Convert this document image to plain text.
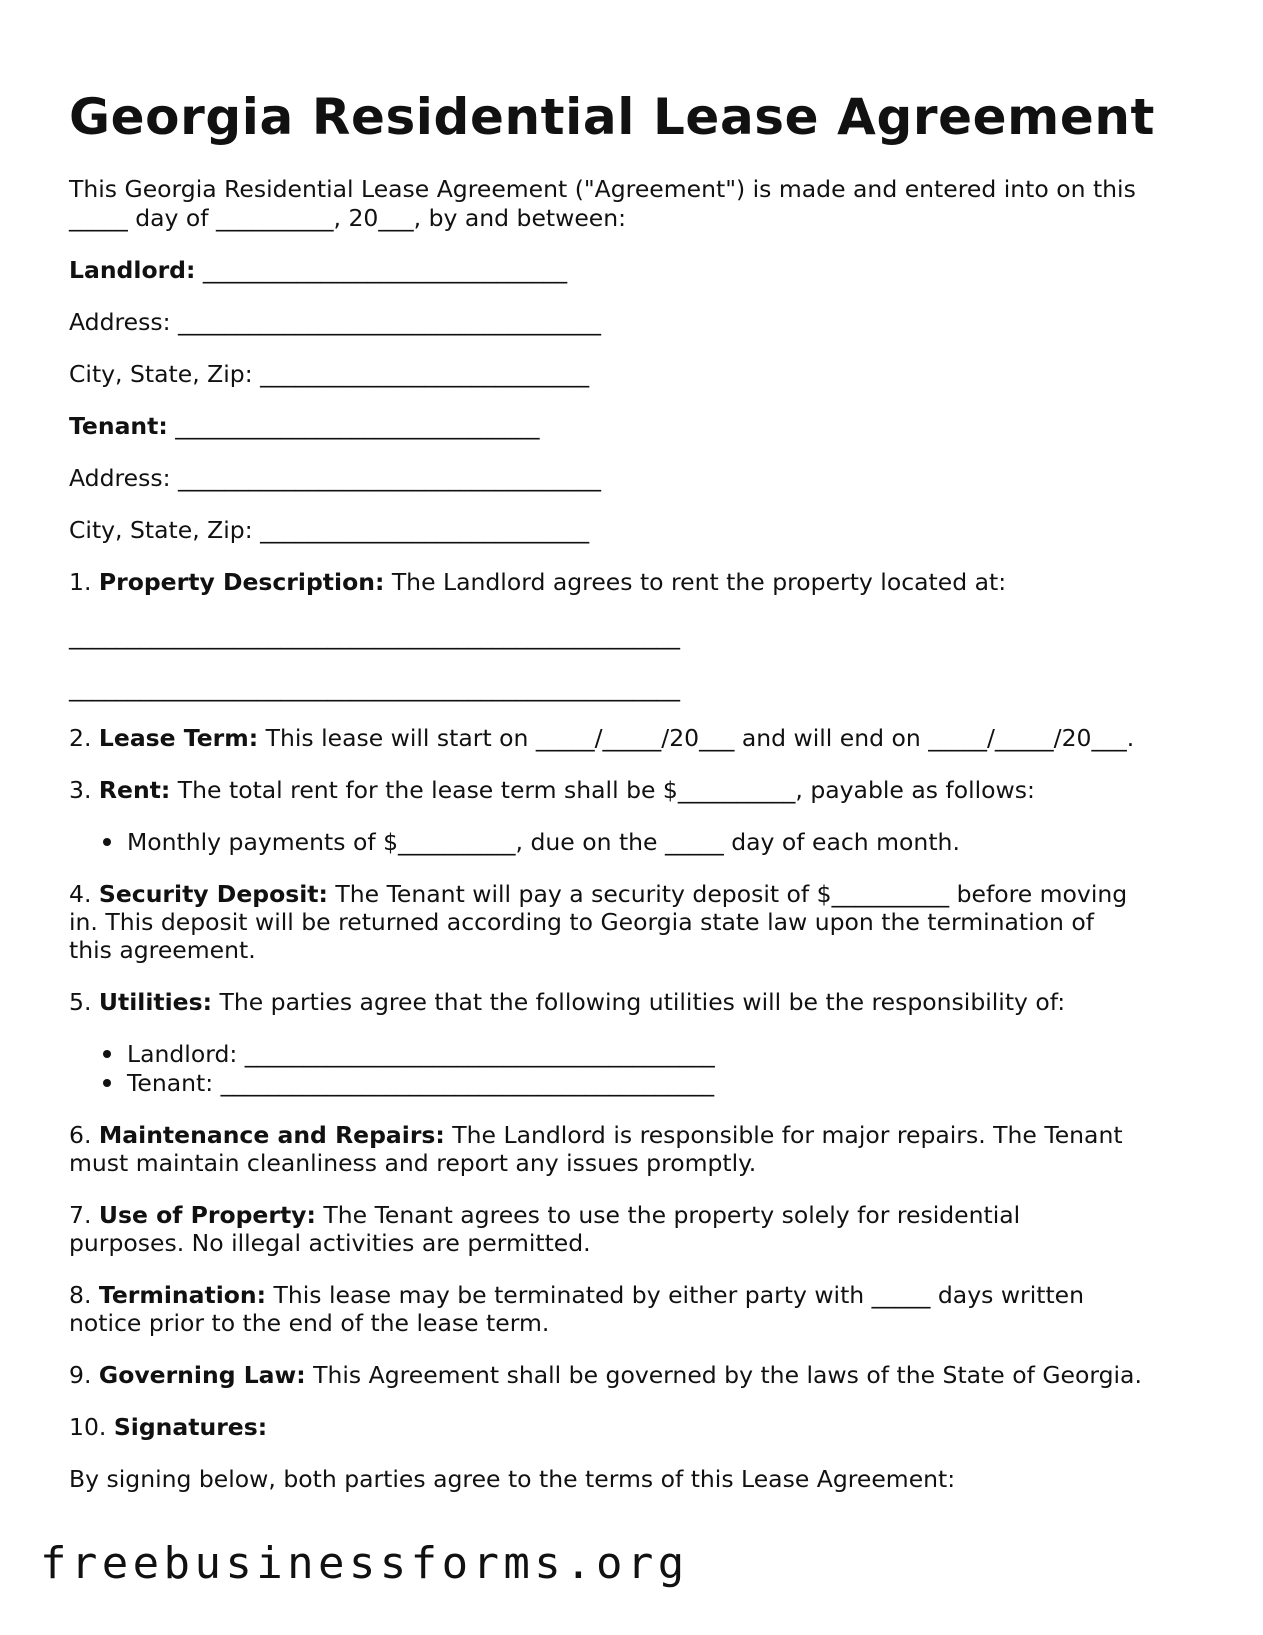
Georgia Residential Lease Agreement
This Georgia Residential Lease Agreement ("Agreement") is made and entered into on this
_____ day of __________, 20___, by and between:
Landlord: _______________________________
Address: ____________________________________
City, State, Zip: ____________________________
Tenant: _______________________________
Address: ____________________________________
City, State, Zip: ____________________________
1. Property Description: The Landlord agrees to rent the property located at:
____________________________________________________
____________________________________________________
2. Lease Term: This lease will start on _____/_____/20___ and will end on _____/_____/20___.
3. Rent: The total rent for the lease term shall be $__________, payable as follows:
Monthly payments of $__________, due on the _____ day of each month.
4. Security Deposit: The Tenant will pay a security deposit of $__________ before moving
in. This deposit will be returned according to Georgia state law upon the termination of
this agreement.
5. Utilities: The parties agree that the following utilities will be the responsibility of:
Landlord: ________________________________________
Tenant: __________________________________________
6. Maintenance and Repairs: The Landlord is responsible for major repairs. The Tenant
must maintain cleanliness and report any issues promptly.
7. Use of Property: The Tenant agrees to use the property solely for residential
purposes. No illegal activities are permitted.
8. Termination: This lease may be terminated by either party with _____ days written
notice prior to the end of the lease term.
9. Governing Law: This Agreement shall be governed by the laws of the State of Georgia.
10. Signatures:
By signing below, both parties agree to the terms of this Lease Agreement:
freebusinessforms.org
